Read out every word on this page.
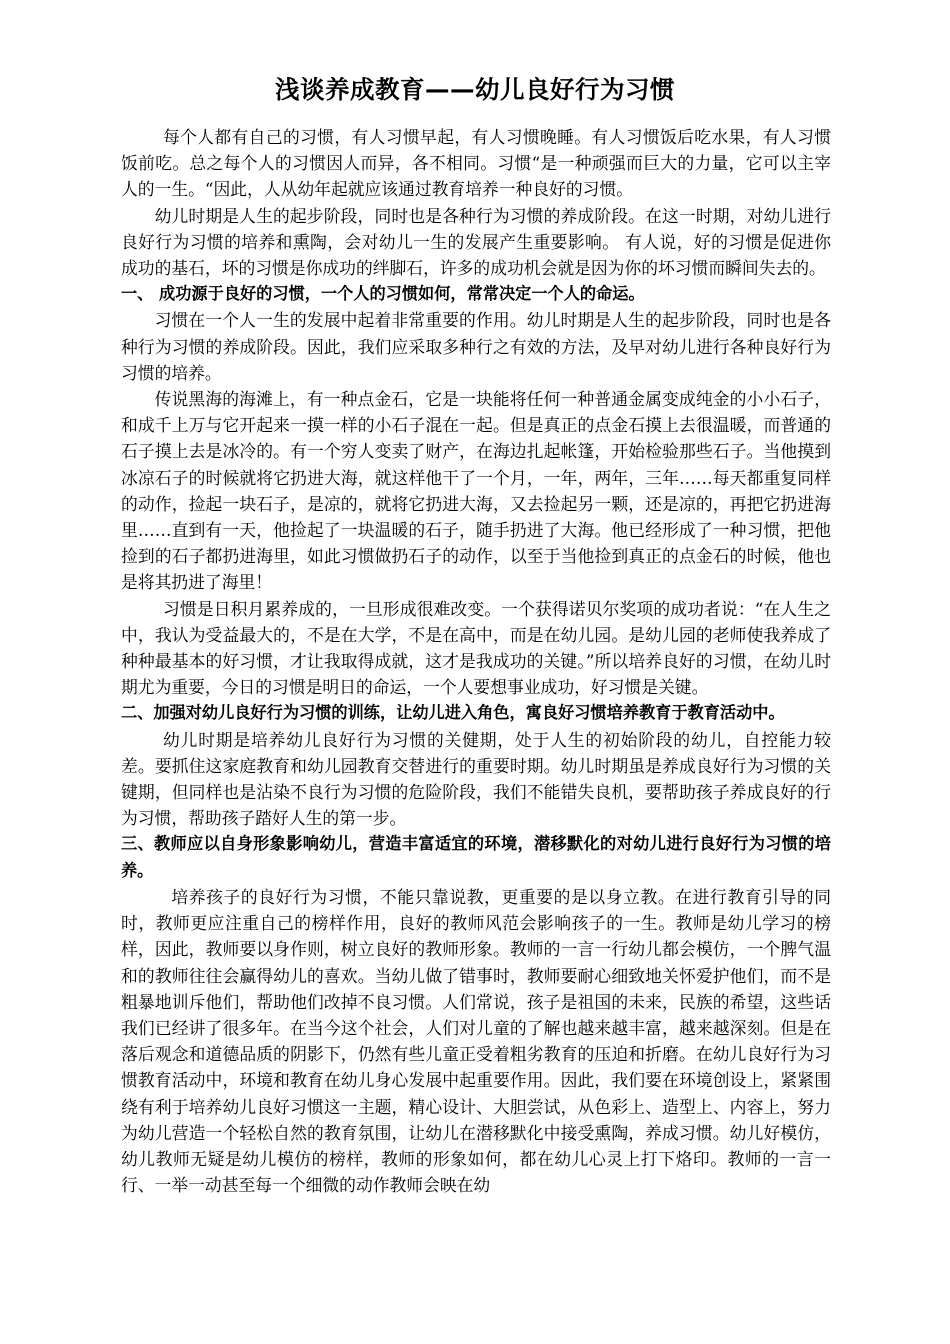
浅谈养成教育——幼儿良好行为习惯

每个人都有自己的习惯，有人习惯早起，有人习惯晚睡。有人习惯饭后吃水果，有人习惯饭前吃。总之每个人的习惯因人而异，各不相同。习惯“是一种顽强而巨大的力量，它可以主宰人的一生。“因此，人从幼年起就应该通过教育培养一种良好的习惯。

幼儿时期是人生的起步阶段，同时也是各种行为习惯的养成阶段。在这一时期，对幼儿进行良好行为习惯的培养和熏陶，会对幼儿一生的发展产生重要影响。 有人说，好的习惯是促进你成功的基石，坏的习惯是你成功的绊脚石，许多的成功机会就是因为你的坏习惯而瞬间失去的。

一、 成功源于良好的习惯，一个人的习惯如何，常常决定一个人的命运。

习惯在一个人一生的发展中起着非常重要的作用。幼儿时期是人生的起步阶段，同时也是各种行为习惯的养成阶段。因此，我们应采取多种行之有效的方法，及早对幼儿进行各种良好行为习惯的培养。

传说黑海的海滩上，有一种点金石，它是一块能将任何一种普通金属变成纯金的小小石子，和成千上万与它开起来一摸一样的小石子混在一起。但是真正的点金石摸上去很温暖，而普通的石子摸上去是冰冷的。有一个穷人变卖了财产，在海边扎起帐篷，开始检验那些石子。当他摸到冰凉石子的时候就将它扔进大海，就这样他干了一个月，一年，两年，三年……每天都重复同样的动作，捡起一块石子，是凉的，就将它扔进大海，又去捡起另一颗，还是凉的，再把它扔进海里……直到有一天，他捡起了一块温暖的石子，随手扔进了大海。他已经形成了一种习惯，把他捡到的石子都扔进海里，如此习惯做扔石子的动作，以至于当他捡到真正的点金石的时候，他也是将其扔进了海里！

习惯是日积月累养成的，一旦形成很难改变。一个获得诺贝尔奖项的成功者说：“在人生之中，我认为受益最大的，不是在大学，不是在高中，而是在幼儿园。是幼儿园的老师使我养成了种种最基本的好习惯，才让我取得成就，这才是我成功的关键。”所以培养良好的习惯，在幼儿时期尤为重要，今日的习惯是明日的命运，一个人要想事业成功，好习惯是关键。

二、加强对幼儿良好行为习惯的训练，让幼儿进入角色，寓良好习惯培养教育于教育活动中。

幼儿时期是培养幼儿良好行为习惯的关健期，处于人生的初始阶段的幼儿，自控能力较差。要抓住这家庭教育和幼儿园教育交替进行的重要时期。幼儿时期虽是养成良好行为习惯的关键期，但同样也是沾染不良行为习惯的危险阶段，我们不能错失良机，要帮助孩子养成良好的行为习惯，帮助孩子踏好人生的第一步。

三、教师应以自身形象影响幼儿，营造丰富适宜的环境，潜移默化的对幼儿进行良好行为习惯的培养。

培养孩子的良好行为习惯，不能只靠说教，更重要的是以身立教。在进行教育引导的同时，教师更应注重自己的榜样作用，良好的教师风范会影响孩子的一生。教师是幼儿学习的榜样，因此，教师要以身作则，树立良好的教师形象。教师的一言一行幼儿都会模仿，一个脾气温和的教师往往会赢得幼儿的喜欢。当幼儿做了错事时，教师要耐心细致地关怀爱护他们，而不是粗暴地训斥他们，帮助他们改掉不良习惯。人们常说，孩子是祖国的未来，民族的希望，这些话我们已经讲了很多年。在当今这个社会，人们对儿童的了解也越来越丰富，越来越深刻。但是在落后观念和道德品质的阴影下，仍然有些儿童正受着粗劣教育的压迫和折磨。在幼儿良好行为习惯教育活动中，环境和教育在幼儿身心发展中起重要作用。因此，我们要在环境创设上，紧紧围绕有利于培养幼儿良好习惯这一主题，精心设计、大胆尝试，从色彩上、造型上、内容上，努力为幼儿营造一个轻松自然的教育氛围，让幼儿在潜移默化中接受熏陶，养成习惯。幼儿好模仿，幼儿教师无疑是幼儿模仿的榜样，教师的形象如何，都在幼儿心灵上打下烙印。教师的一言一行、一举一动甚至每一个细微的动作教师会映在幼
